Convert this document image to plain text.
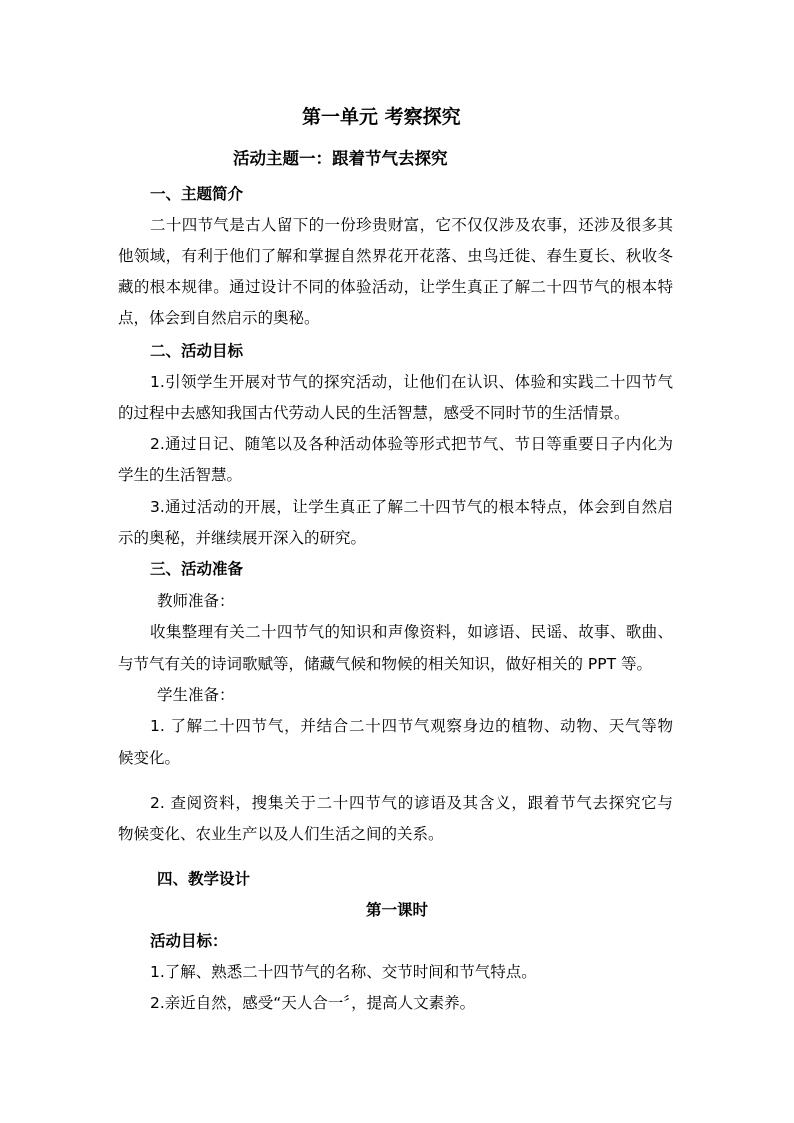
第一单元 考察探究
活动主题一：跟着节气去探究
一、主题简介
二十四节气是古人留下的一份珍贵财富，它不仅仅涉及农事，还涉及很多其
他领域，有利于他们了解和掌握自然界花开花落、虫鸟迁徙、春生夏长、秋收冬
藏的根本规律。通过设计不同的体验活动，让学生真正了解二十四节气的根本特
点，体会到自然启示的奥秘。
二、活动目标
1.引领学生开展对节气的探究活动，让他们在认识、体验和实践二十四节气
的过程中去感知我国古代劳动人民的生活智慧，感受不同时节的生活情景。
2.通过日记、随笔以及各种活动体验等形式把节气、节日等重要日子内化为
学生的生活智慧。
3.通过活动的开展，让学生真正了解二十四节气的根本特点，体会到自然启
示的奥秘，并继续展开深入的研究。
三、活动准备
教师准备：
收集整理有关二十四节气的知识和声像资料，如谚语、民谣、故事、歌曲、
与节气有关的诗词歌赋等，储藏气候和物候的相关知识，做好相关的 PPT 等。
学生准备：
1. 了解二十四节气，并结合二十四节气观察身边的植物、动物、天气等物
候变化。
2. 查阅资料，搜集关于二十四节气的谚语及其含义，跟着节气去探究它与
物候变化、农业生产以及人们生活之间的关系。
四、教学设计
第一课时
活动目标：
1.了解、熟悉二十四节气的名称、交节时间和节气特点。
2.亲近自然，感受“天人合一〞，提高人文素养。
